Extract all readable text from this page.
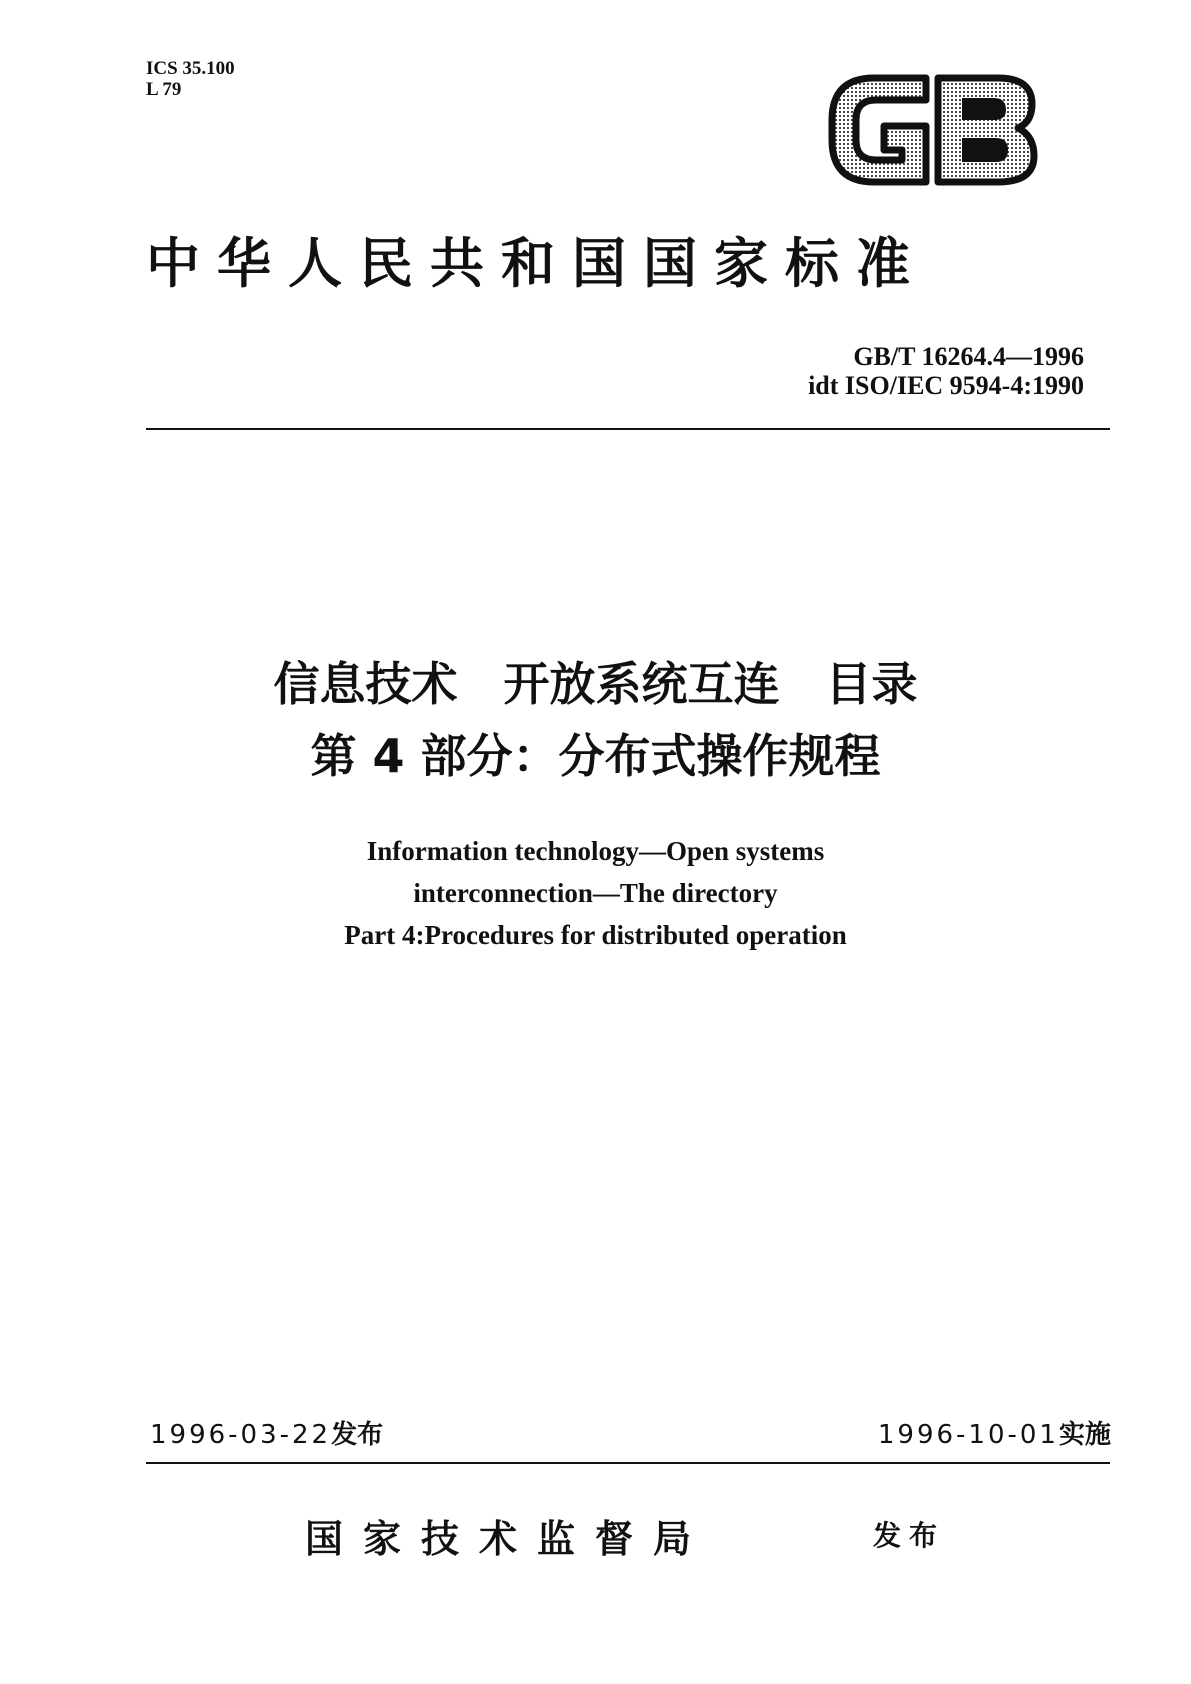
ICS 35.100
L 79
中华人民共和国国家标准
GB/T 16264.4—1996
idt ISO/IEC 9594-4:1990
信息技术　开放系统互连　目录
第 4 部分：分布式操作规程
Information technology—Open systems
interconnection—The directory
Part 4:Procedures for distributed operation
1996-03-22发布	1996-10-01实施
国家技术监督局	发布
